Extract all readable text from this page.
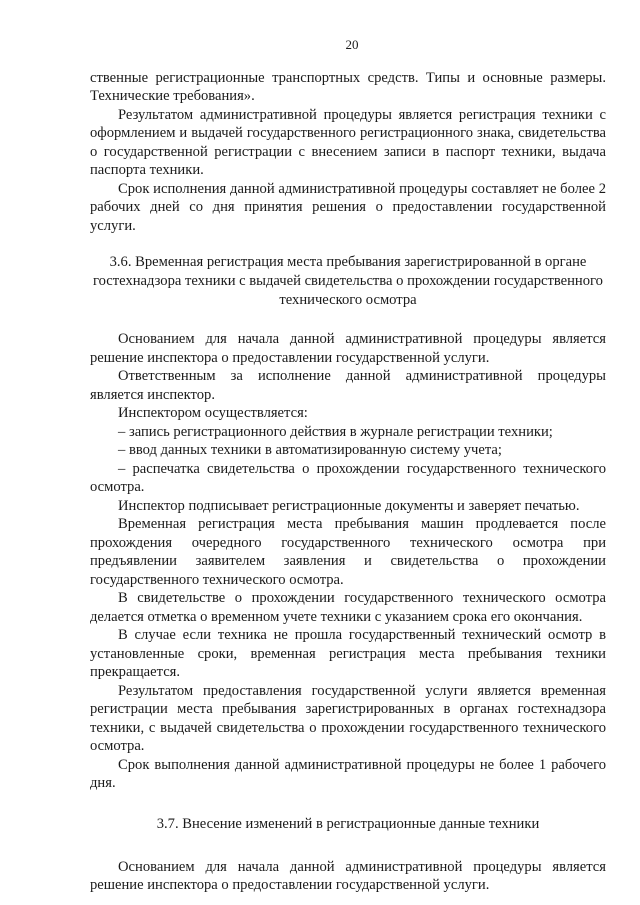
20

ственные регистрационные транспортных средств. Типы и основные размеры. Технические требования».

Результатом административной процедуры является регистрация техники с оформлением и выдачей государственного регистрационного знака, свидетельства о государственной регистрации с внесением записи в паспорт техники, выдача паспорта техники.

Срок исполнения данной административной процедуры составляет не более 2 рабочих дней со дня принятия решения о предоставлении государственной услуги.

3.6. Временная регистрация места пребывания зарегистрированной в органе гостехнадзора техники с выдачей свидетельства о прохождении государственного технического осмотра

Основанием для начала данной административной процедуры является решение инспектора о предоставлении государственной услуги.

Ответственным за исполнение данной административной процедуры является инспектор.

Инспектором осуществляется:

– запись регистрационного действия в журнале регистрации техники;

– ввод данных техники в автоматизированную систему учета;

– распечатка свидетельства о прохождении государственного технического осмотра.

Инспектор подписывает регистрационные документы и заверяет печатью.

Временная регистрация места пребывания машин продлевается после прохождения очередного государственного технического осмотра при предъявлении заявителем заявления и свидетельства о прохождении государственного технического осмотра.

В свидетельстве о прохождении государственного технического осмотра делается отметка о временном учете техники с указанием срока его окончания.

В случае если техника не прошла государственный технический осмотр в установленные сроки, временная регистрация места пребывания техники прекращается.

Результатом предоставления государственной услуги является временная регистрации места пребывания зарегистрированных в органах гостехнадзора техники, с выдачей свидетельства о прохождении государственного технического осмотра.

Срок выполнения данной административной процедуры не более 1 рабочего дня.

3.7. Внесение изменений в регистрационные данные техники

Основанием для начала данной административной процедуры является решение инспектора о предоставлении государственной услуги.
